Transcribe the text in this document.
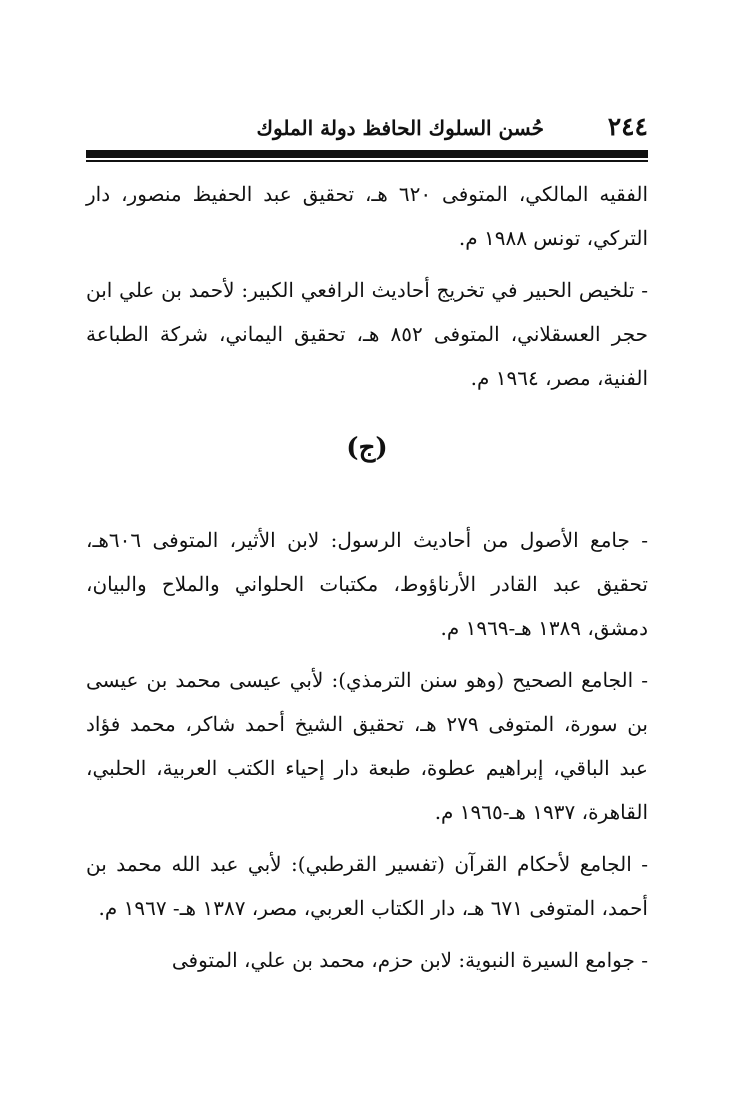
حُسن السلوك الحافظ دولة الملوك	٢٤٤

الفقيه المالكي، المتوفى ٦٢٠ هـ، تحقيق عبد الحفيظ منصور، دار التركي، تونس ١٩٨٨ م.

- تلخيص الحبير في تخريج أحاديث الرافعي الكبير: لأحمد بن علي ابن حجر العسقلاني، المتوفى ٨٥٢ هـ، تحقيق اليماني، شركة الطباعة الفنية، مصر، ١٩٦٤ م.

(ج)

- جامع الأصول من أحاديث الرسول: لابن الأثير، المتوفى ٦٠٦هـ، تحقيق عبد القادر الأرناؤوط، مكتبات الحلواني والملاح والبيان، دمشق، ١٣٨٩ هـ-١٩٦٩ م.

- الجامع الصحيح (وهو سنن الترمذي): لأبي عيسى محمد بن عيسى بن سورة، المتوفى ٢٧٩ هـ، تحقيق الشيخ أحمد شاكر، محمد فؤاد عبد الباقي، إبراهيم عطوة، طبعة دار إحياء الكتب العربية، الحلبي، القاهرة، ١٩٣٧ هـ-١٩٦٥ م.

- الجامع لأحكام القرآن (تفسير القرطبي): لأبي عبد الله محمد بن أحمد، المتوفى ٦٧١ هـ، دار الكتاب العربي، مصر، ١٣٨٧ هـ- ١٩٦٧ م.

- جوامع السيرة النبوية: لابن حزم، محمد بن علي، المتوفى
